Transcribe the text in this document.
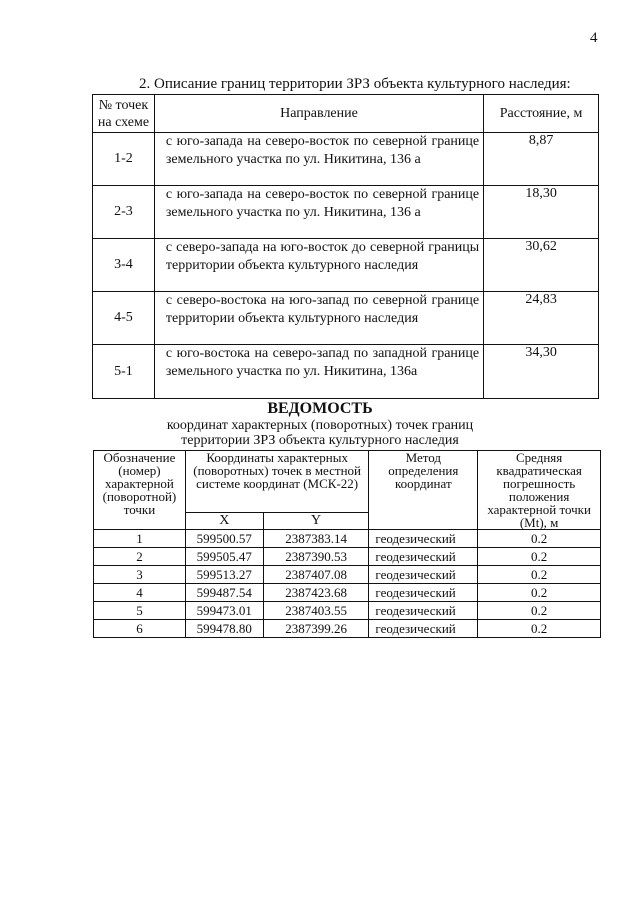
4
2. Описание границ территории ЗРЗ объекта культурного наследия:
№ точек на схеме	Направление	Расстояние, м
1-2	с юго-запада на северо-восток по северной границе земельного участка по ул. Никитина, 136 а	8,87
2-3	с юго-запада на северо-восток по северной границе земельного участка по ул. Никитина, 136 а	18,30
3-4	с северо-запада на юго-восток до северной границы территории объекта культурного наследия	30,62
4-5	с северо-востока на юго-запад по северной границе территории объекта культурного наследия	24,83
5-1	с юго-востока на северо-запад по западной границе земельного участка по ул. Никитина, 136а	34,30
ВЕДОМОСТЬ
координат характерных (поворотных) точек границ
территории ЗРЗ объекта культурного наследия
Обозначение (номер) характерной (поворотной) точки	Координаты характерных (поворотных) точек в местной системе координат (МСК-22)		Метод определения координат	Средняя квадратическая погрешность положения характерной точки (Mt), м
	X	Y		
1	599500.57	2387383.14	геодезический	0.2
2	599505.47	2387390.53	геодезический	0.2
3	599513.27	2387407.08	геодезический	0.2
4	599487.54	2387423.68	геодезический	0.2
5	599473.01	2387403.55	геодезический	0.2
6	599478.80	2387399.26	геодезический	0.2
